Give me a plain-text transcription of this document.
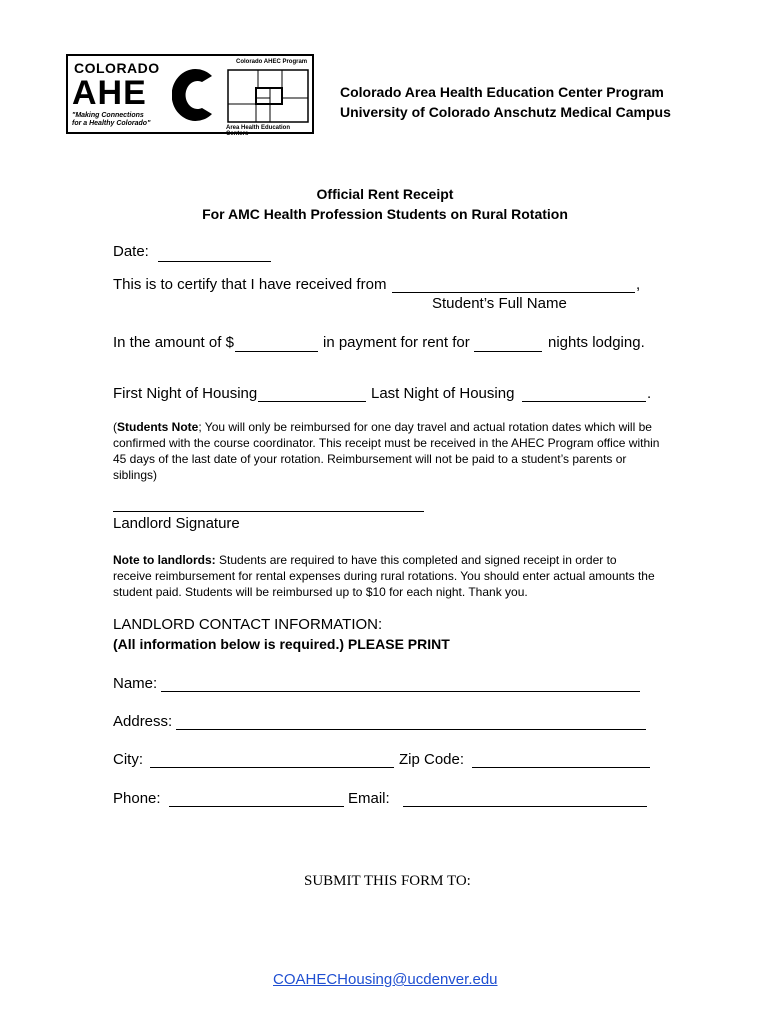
COLORADO
AHE
"Making Connections
for a Healthy Colorado"
Colorado AHEC Program
Area Health Education Centers
Colorado Area Health Education Center Program
University of Colorado Anschutz Medical Campus
Official Rent Receipt
For AMC Health Profession Students on Rural Rotation
Date:
This is to certify that I have received from	,
Student’s Full Name
In the amount of $	in payment for rent for	nights lodging.
First Night of Housing	Last Night of Housing	.
(Students Note; You will only be reimbursed for one day travel and actual rotation dates which will be confirmed with the course coordinator. This receipt must be received in the AHEC Program office within 45 days of the last date of your rotation. Reimbursement will not be paid to a student’s parents or siblings)
Landlord Signature
Note to landlords: Students are required to have this completed and signed receipt in order to receive reimbursement for rental expenses during rural rotations. You should enter actual amounts the student paid. Students will be reimbursed up to $10 for each night. Thank you.
LANDLORD CONTACT INFORMATION:
(All information below is required.) PLEASE PRINT
Name:
Address:
City:	Zip Code:
Phone:	Email:
SUBMIT THIS FORM TO:
COAHECHousing@ucdenver.edu
